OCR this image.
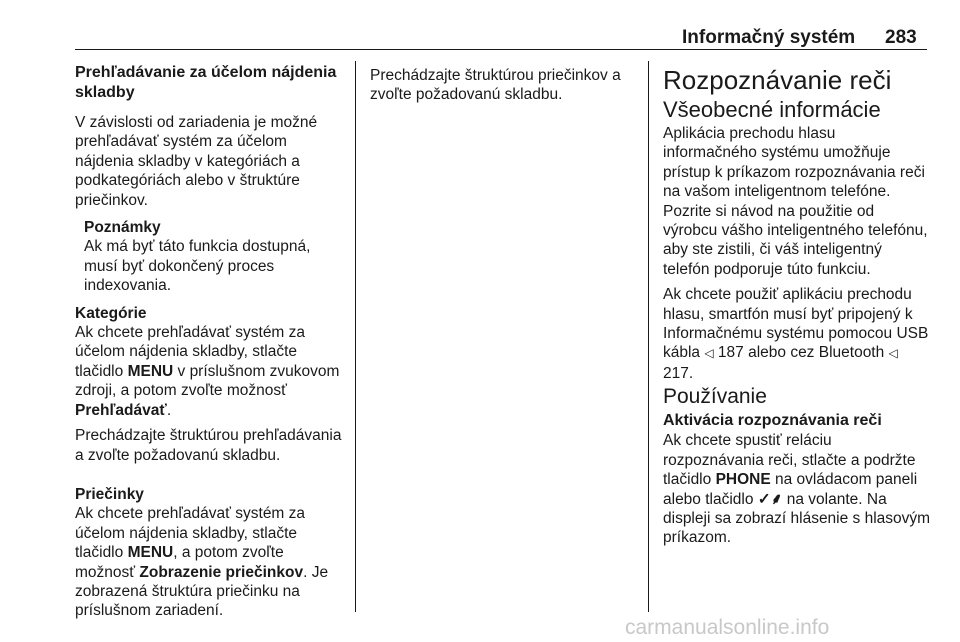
Informačný systém 283

Prehľadávanie za účelom nájdenia skladby

V závislosti od zariadenia je možné prehľadávať systém za účelom nájdenia skladby v kategóriách a podkategóriách alebo v štruktúre priečinkov.

Poznámky

Ak má byť táto funkcia dostupná, musí byť dokončený proces indexovania.

Kategórie

Ak chcete prehľadávať systém za účelom nájdenia skladby, stlačte tlačidlo MENU v príslušnom zvukovom zdroji, a potom zvoľte možnosť Prehľadávať.

Prechádzajte štruktúrou prehľadávania a zvoľte požadovanú skladbu.

Priečinky

Ak chcete prehľadávať systém za účelom nájdenia skladby, stlačte tlačidlo MENU, a potom zvoľte možnosť Zobrazenie priečinkov. Je zobrazená štruktúra priečinku na príslušnom zariadení.

Prechádzajte štruktúrou priečinkov a zvoľte požadovanú skladbu.	Rozpoznávanie reči

Všeobecné informácie

Aplikácia prechodu hlasu informačného systému umožňuje prístup k príkazom rozpoznávania reči na vašom inteligentnom telefóne. Pozrite si návod na použitie od výrobcu vášho inteligentného telefónu, aby ste zistili, či váš inteligentný telefón podporuje túto funkciu.

Ak chcete použiť aplikáciu prechodu hlasu, smartfón musí byť pripojený k Informačnému systému pomocou USB kábla ◁ 187 alebo cez Bluetooth ◁ 217.

Používanie

Aktivácia rozpoznávania reči

Ak chcete spustiť reláciu rozpoznávania reči, stlačte a podržte tlačidlo PHONE na ovládacom paneli alebo tlačidlo ✓⸙ na volante. Na displeji sa zobrazí hlásenie s hlasovým príkazom.

carmanualsonline.info
